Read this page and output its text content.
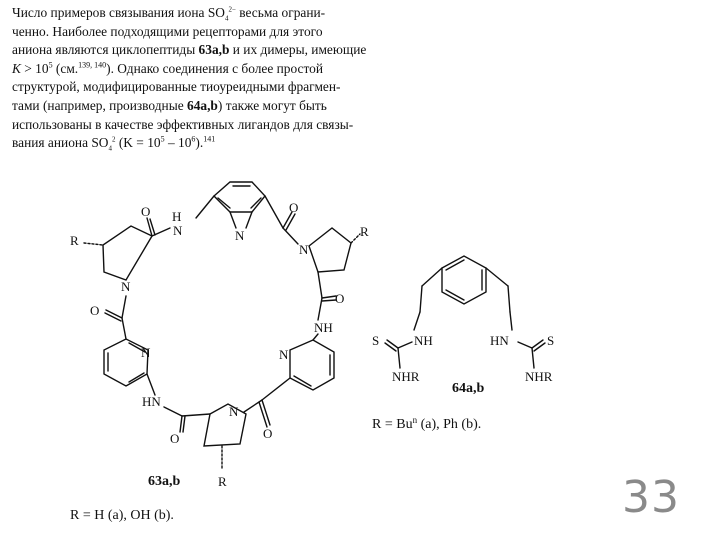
Число примеров связывания иона $SO_4^{2-}$ весьма ограни-
ченно. Наиболее подходящими рецепторами для этого
аниона являются циклопептиды 63a,b и их димеры, имеющие
$K > 10^5$ (см.$^{139, 140}$). Однако соединения с более простой
структурой, модифицированные тиоуреидными фрагмен-
тами (например, производные 64a,b) также могут быть
использованы в качестве эффективных лигандов для связы-
вания аниона $SO_4^2$ $(K = 10^5 - 10^6).^{141}$
N
H
N
O	O
N
R
O
N
R
O
NH
N
HN
O
N
O
N
R
63a,b
R = H (a), OH (b).
NH
S
NHR
HN	S
NHR
64a,b
$R = Bu^n$ (a), Ph (b).
33
